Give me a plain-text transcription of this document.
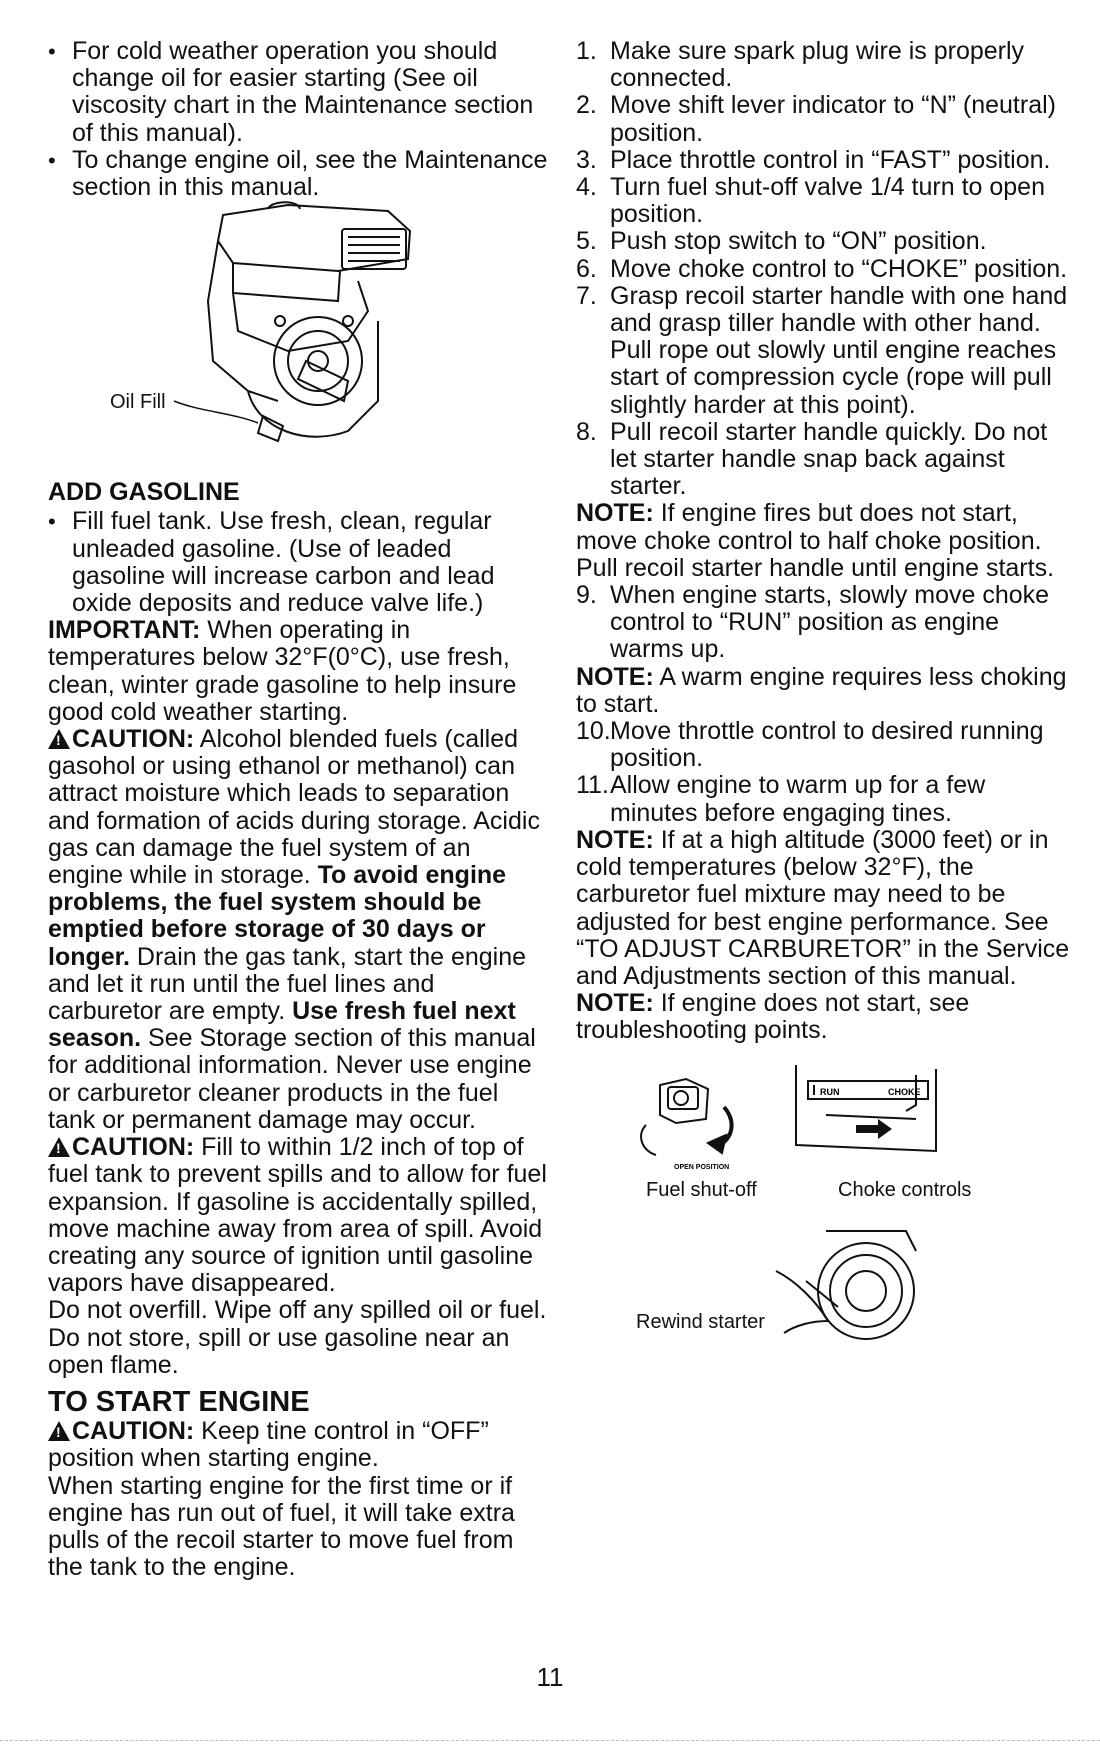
• For cold weather operation you should change oil for easier starting (See oil viscosity chart in the Maintenance section of this manual).
• To change engine oil, see the Maintenance section in this manual.
Oil Fill
ADD GASOLINE
• Fill fuel tank. Use fresh, clean, regular unleaded gasoline. (Use of leaded gasoline will increase carbon and lead oxide deposits and reduce valve life.)

IMPORTANT: When operating in temperatures below 32°F(0°C), use fresh, clean, winter grade gasoline to help insure good cold weather starting.

!CAUTION: Alcohol blended fuels (called gasohol or using ethanol or methanol) can attract moisture which leads to separation and formation of acids during storage. Acidic gas can damage the fuel system of an engine while in storage. To avoid engine problems, the fuel system should be emptied before storage of 30 days or longer. Drain the gas tank, start the engine and let it run until the fuel lines and carburetor are empty. Use fresh fuel next season. See Storage section of this manual for additional information. Never use engine or carburetor cleaner products in the fuel tank or permanent damage may occur.

!CAUTION: Fill to within 1/2 inch of top of fuel tank to prevent spills and to allow for fuel expansion. If gasoline is accidentally spilled, move machine away from area of spill. Avoid creating any source of ignition until gasoline vapors have disappeared.

Do not overfill. Wipe off any spilled oil or fuel. Do not store, spill or use gasoline near an open flame.

TO START ENGINE

!CAUTION: Keep tine control in “OFF” position when starting engine.

When starting engine for the first time or if engine has run out of fuel, it will take extra pulls of the recoil starter to move fuel from the tank to the engine.

1. Make sure spark plug wire is properly connected.
2. Move shift lever indicator to “N” (neutral) position.
3. Place throttle control in “FAST” position.
4. Turn fuel shut-off valve 1/4 turn to open position.
5. Push stop switch to “ON” position.
6. Move choke control to “CHOKE” position.
7. Grasp recoil starter handle with one hand and grasp tiller handle with other hand. Pull rope out slowly until engine reaches start of compression cycle (rope will pull slightly harder at this point).
8. Pull recoil starter handle quickly. Do not let starter handle snap back against starter.

NOTE: If engine fires but does not start, move choke control to half choke position. Pull recoil starter handle until engine starts.

9. When engine starts, slowly move choke control to “RUN” position as engine warms up.

NOTE: A warm engine requires less choking to start.

10. Move throttle control to desired running position.
11. Allow engine to warm up for a few minutes before engaging tines.

NOTE: If at a high altitude (3000 feet) or in cold temperatures (below 32°F), the carburetor fuel mixture may need to be adjusted for best engine performance. See “TO ADJUST CARBURETOR” in the Service and Adjustments section of this manual.

NOTE: If engine does not start, see troubleshooting points.

RUN	CHOKE
OPEN POSITION
Fuel shut-off	Choke controls
Rewind starter
11
